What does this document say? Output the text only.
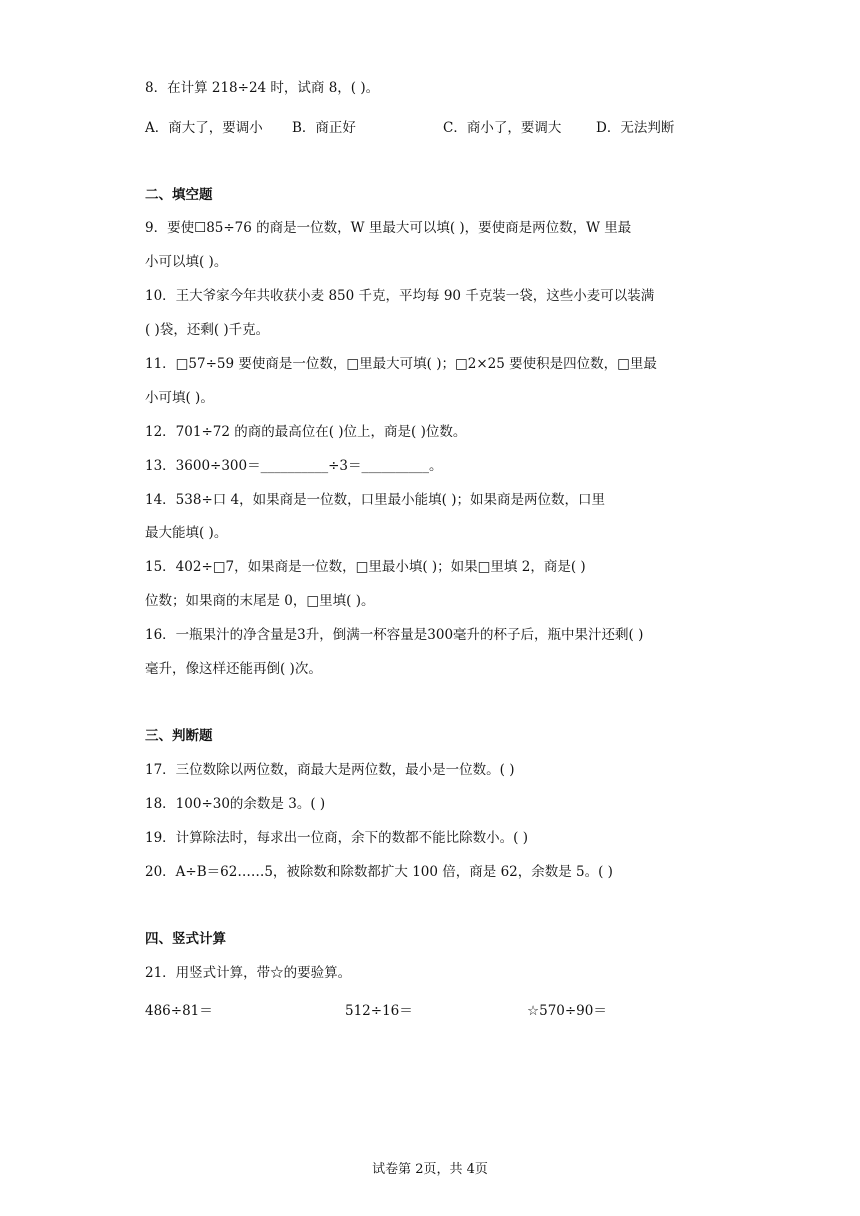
8．在计算 218÷24 时，试商 8，( )。
A．商大了，要调小 B．商正好	C．商小了，要调大	D．无法判断
二、填空题
9．要使☐85÷76 的商是一位数，W 里最大可以填( )，要使商是两位数，W 里最
小可以填( )。
10．王大爷家今年共收获小麦 850 千克，平均每 90 千克装一袋，这些小麦可以装满
( )袋，还剩( )千克。
11．□57÷59 要使商是一位数，□里最大可填( )；□2×25 要使积是四位数，□里最
小可填( )。
12．701÷72 的商的最高位在( )位上，商是( )位数。
13．3600÷300＝__________÷3＝__________。
14．538÷口 4，如果商是一位数，口里最小能填( )；如果商是两位数，口里
最大能填( )。
15．402÷□7，如果商是一位数，□里最小填( )；如果□里填 2，商是( )
位数；如果商的末尾是 0，□里填( )。
16．一瓶果汁的净含量是3升，倒满一杯容量是300毫升的杯子后，瓶中果汁还剩( )
毫升，像这样还能再倒( )次。
三、判断题
17．三位数除以两位数，商最大是两位数，最小是一位数。( )
18．100÷30的余数是 3。( )
19．计算除法时，每求出一位商，余下的数都不能比除数小。( )
20．A÷B＝62……5，被除数和除数都扩大 100 倍，商是 62，余数是 5。( )
四、竖式计算
21．用竖式计算，带☆的要验算。
486÷81＝	512÷16＝	☆570÷90＝
试卷第 2页，共 4页
